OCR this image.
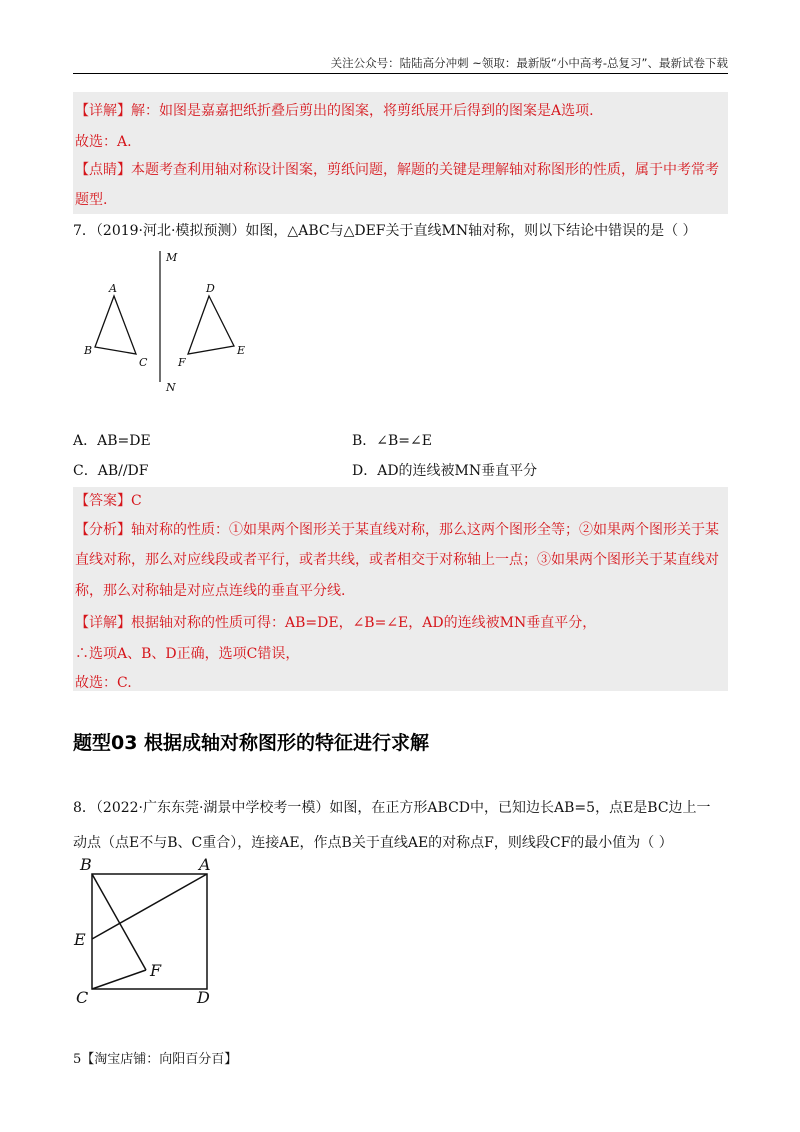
关注公众号：陆陆高分冲刺 ~领取：最新版“小中高考-总复习”、最新试卷下载
【详解】解：如图是嘉嘉把纸折叠后剪出的图案，将剪纸展开后得到的图案是A选项.
故选：A.
【点睛】本题考查利用轴对称设计图案，剪纸问题，解题的关键是理解轴对称图形的性质，属于中考常考
题型.
7．（2019·河北·模拟预测）如图，△ABC与△DEF关于直线MN轴对称，则以下结论中错误的是（ ）
M
N
A
B
C
D
F
E
A．AB=DE	B．∠B=∠E
C．AB//DF	D．AD的连线被MN垂直平分
【答案】C
【分析】轴对称的性质：①如果两个图形关于某直线对称，那么这两个图形全等；②如果两个图形关于某
直线对称，那么对应线段或者平行，或者共线，或者相交于对称轴上一点；③如果两个图形关于某直线对
称，那么对称轴是对应点连线的垂直平分线.
【详解】根据轴对称的性质可得：AB=DE，∠B=∠E，AD的连线被MN垂直平分，
∴选项A、B、D正确，选项C错误，
故选：C.
题型03 根据成轴对称图形的特征进行求解
8．（2022·广东东莞·湖景中学校考一模）如图，在正方形ABCD中，已知边长AB=5，点E是BC边上一
动点（点E不与B、C重合），连接AE，作点B关于直线AE的对称点F，则线段CF的最小值为（ ）
B	A
E
F
C	D
5【淘宝店铺：向阳百分百】
